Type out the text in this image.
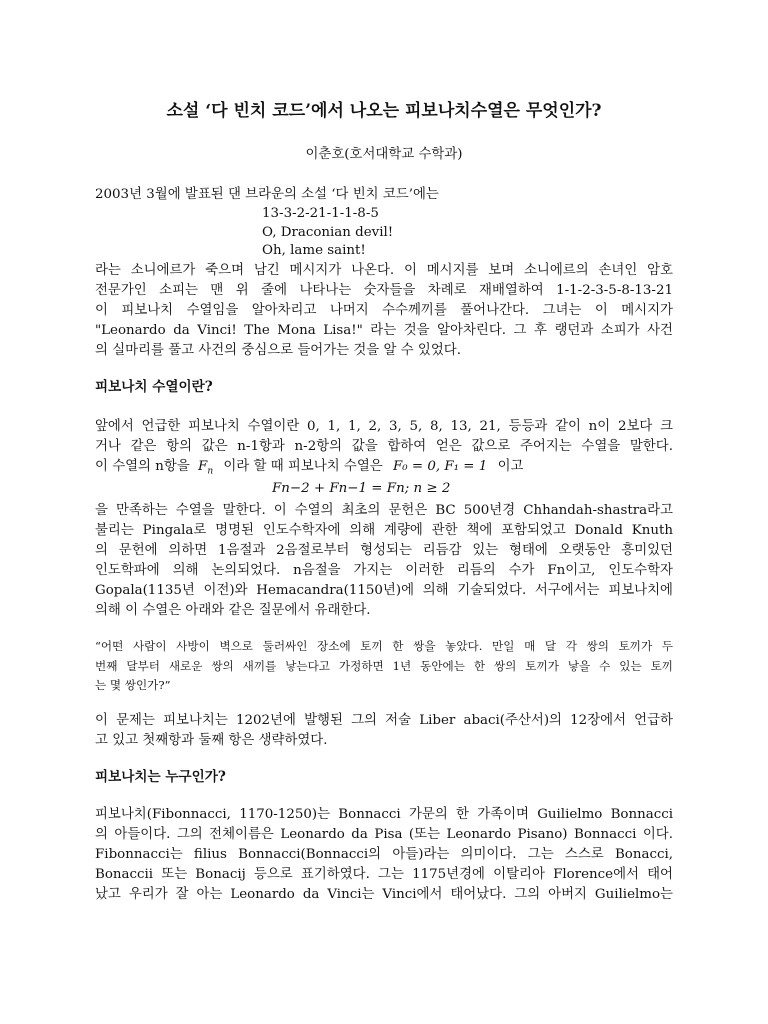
소설 ‘다 빈치 코드’에서 나오는 피보나치수열은 무엇인가?
이춘호(호서대학교 수학과)
2003년 3월에 발표된 댄 브라운의 소설 ‘다 빈치 코드’에는
13-3-2-21-1-1-8-5
O, Draconian devil!
Oh, lame saint!
라는 소니에르가 죽으며 남긴 메시지가 나온다. 이 메시지를 보며 소니에르의 손녀인 암호
전문가인 소피는 맨 위 줄에 나타나는 숫자들을 차례로 재배열하여 1-1-2-3-5-8-13-21
이 피보나치 수열임을 알아차리고 나머지 수수께끼를 풀어나간다. 그녀는 이 메시지가
"Leonardo da Vinci! The Mona Lisa!" 라는 것을 알아차린다. 그 후 랭던과 소피가 사건
의 실마리를 풀고 사건의 중심으로 들어가는 것을 알 수 있었다.
피보나치 수열이란?
앞에서 언급한 피보나치 수열이란 0, 1, 1, 2, 3, 5, 8, 13, 21, 등등과 같이 n이 2보다 크
거나 같은 항의 값은 n-1항과 n-2항의 값을 합하여 얻은 값으로 주어지는 수열을 말한다.
이 수열의 n항을 $F_n$ 이라 할 때 피보나치 수열은 F₀ = 0, F₁ = 1 이고
Fn−2 + Fn−1 = Fn; n ≥ 2
을 만족하는 수열을 말한다. 이 수열의 최초의 문헌은 BC 500년경 Chhandah-shastra라고
불리는 Pingala로 명명된 인도수학자에 의해 계량에 관한 책에 포함되었고 Donald Knuth
의 문헌에 의하면 1음절과 2음절로부터 형성되는 리듬감 있는 형태에 오랫동안 흥미있던
인도학파에 의해 논의되었다. n음절을 가지는 이러한 리듬의 수가 Fn이고, 인도수학자
Gopala(1135년 이전)와 Hemacandra(1150년)에 의해 기술되었다. 서구에서는 피보나치에
의해 이 수열은 아래와 같은 질문에서 유래한다.
“어떤 사람이 사방이 벽으로 둘러싸인 장소에 토끼 한 쌍을 놓았다. 만일 매 달 각 쌍의 토끼가 두
번째 달부터 새로운 쌍의 새끼를 낳는다고 가정하면 1년 동안에는 한 쌍의 토끼가 낳을 수 있는 토끼
는 몇 쌍인가?”
이 문제는 피보나치는 1202년에 발행된 그의 저술 Liber abaci(주산서)의 12장에서 언급하
고 있고 첫째항과 둘째 항은 생략하였다.
피보나치는 누구인가?
피보나치(Fibonnacci, 1170-1250)는 Bonnacci 가문의 한 가족이며 Guilielmo Bonnacci
의 아들이다. 그의 전체이름은 Leonardo da Pisa (또는 Leonardo Pisano) Bonnacci 이다.
Fibonnacci는 filius Bonnacci(Bonnacci의 아들)라는 의미이다. 그는 스스로 Bonacci,
Bonaccii 또는 Bonacij 등으로 표기하였다. 그는 1175년경에 이탈리아 Florence에서 태어
났고 우리가 잘 아는 Leonardo da Vinci는 Vinci에서 태어났다. 그의 아버지 Guilielmo는
